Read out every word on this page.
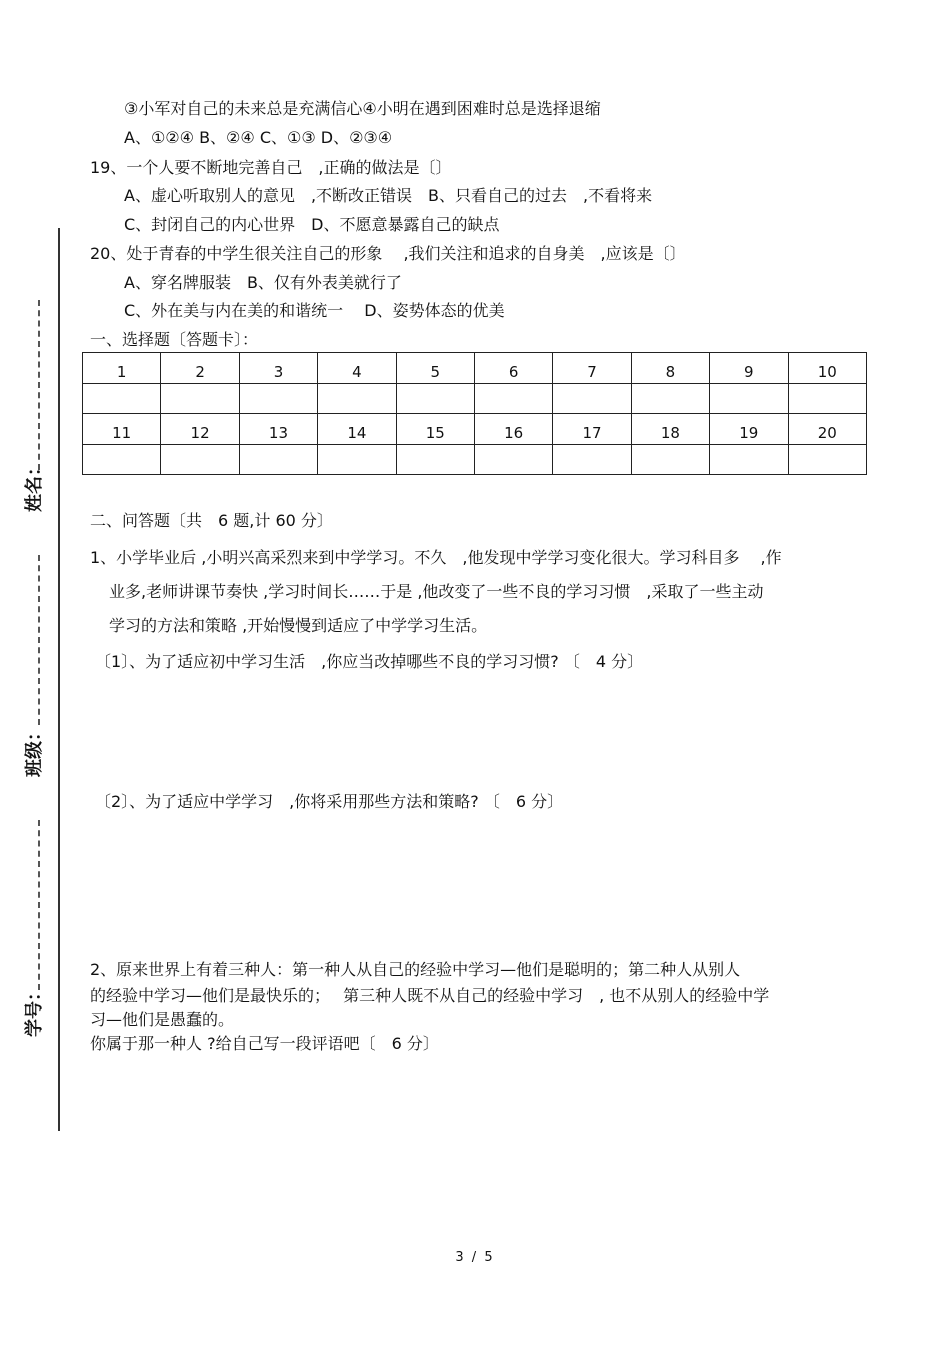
姓名：
班级：
学号：
③小军对自己的未来总是充满信心④小明在遇到困难时总是选择退缩
A、①②④ B、②④ C、①③ D、②③④
19、一个人要不断地完善自己　,正确的做法是〔〕
A、虚心听取别人的意见　,不断改正错误　B、只看自己的过去　,不看将来
C、封闭自己的内心世界　D、不愿意暴露自己的缺点
20、处于青春的中学生很关注自己的形象　 ,我们关注和追求的自身美　,应该是〔〕
A、穿名牌服装　B、仅有外表美就行了
C、外在美与内在美的和谐统一　 D、姿势体态的优美
一、选择题〔答题卡〕：
1	2	3	4	5	6	7	8	9	10

11	12	13	14	15	16	17	18	19	20

二、问答题〔共　6 题,计 60 分〕
1、小学毕业后 ,小明兴高采烈来到中学学习。不久　,他发现中学学习变化很大。学习科目多　 ,作
业多,老师讲课节奏快 ,学习时间长……于是 ,他改变了一些不良的学习习惯　,采取了一些主动
学习的方法和策略 ,开始慢慢到适应了中学学习生活。
〔1〕、为了适应初中学习生活　,你应当改掉哪些不良的学习习惯? 〔　4 分〕
〔2〕、为了适应中学学习　,你将采用那些方法和策略? 〔　6 分〕
2、原来世界上有着三种人：第一种人从自己的经验中学习—他们是聪明的；第二种人从别人
的经验中学习—他们是最快乐的；　 第三种人既不从自己的经验中学习　, 也不从别人的经验中学
习—他们是愚蠢的。
你属于那一种人 ?给自己写一段评语吧〔　6 分〕
3 / 5
